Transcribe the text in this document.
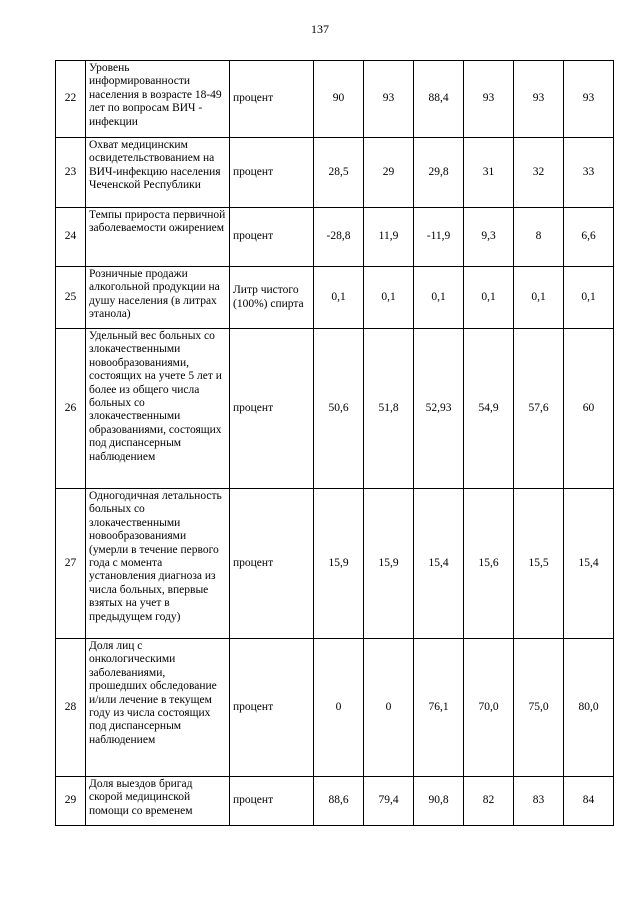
137
22	Уровень информированности населения в возрасте 18-49 лет по вопросам ВИЧ - инфекции	процент	90	93	88,4	93	93	93
23	Охват медицинским освидетельствованием на ВИЧ-инфекцию населения Чеченской Республики	процент	28,5	29	29,8	31	32	33
24	Темпы прироста первичной заболеваемости ожирением	процент	-28,8	11,9	-11,9	9,3	8	6,6
25	Розничные продажи алкогольной продукции на душу населения (в литрах этанола)	Литр чистого (100%) спирта	0,1	0,1	0,1	0,1	0,1	0,1
26	Удельный вес больных со злокачественными новообразованиями, состоящих на учете 5 лет и более из общего числа больных со злокачественными образованиями, состоящих под диспансерным наблюдением	процент	50,6	51,8	52,93	54,9	57,6	60
27	Одногодичная летальность больных со злокачественными новообразованиями (умерли в течение первого года с момента установления диагноза из числа больных, впервые взятых на учет в предыдущем году)	процент	15,9	15,9	15,4	15,6	15,5	15,4
28	Доля лиц с онкологическими заболеваниями, прошедших обследование и/или лечение в текущем году из числа состоящих под диспансерным наблюдением	процент	0	0	76,1	70,0	75,0	80,0
29	Доля выездов бригад скорой медицинской помощи со временем	процент	88,6	79,4	90,8	82	83	84
